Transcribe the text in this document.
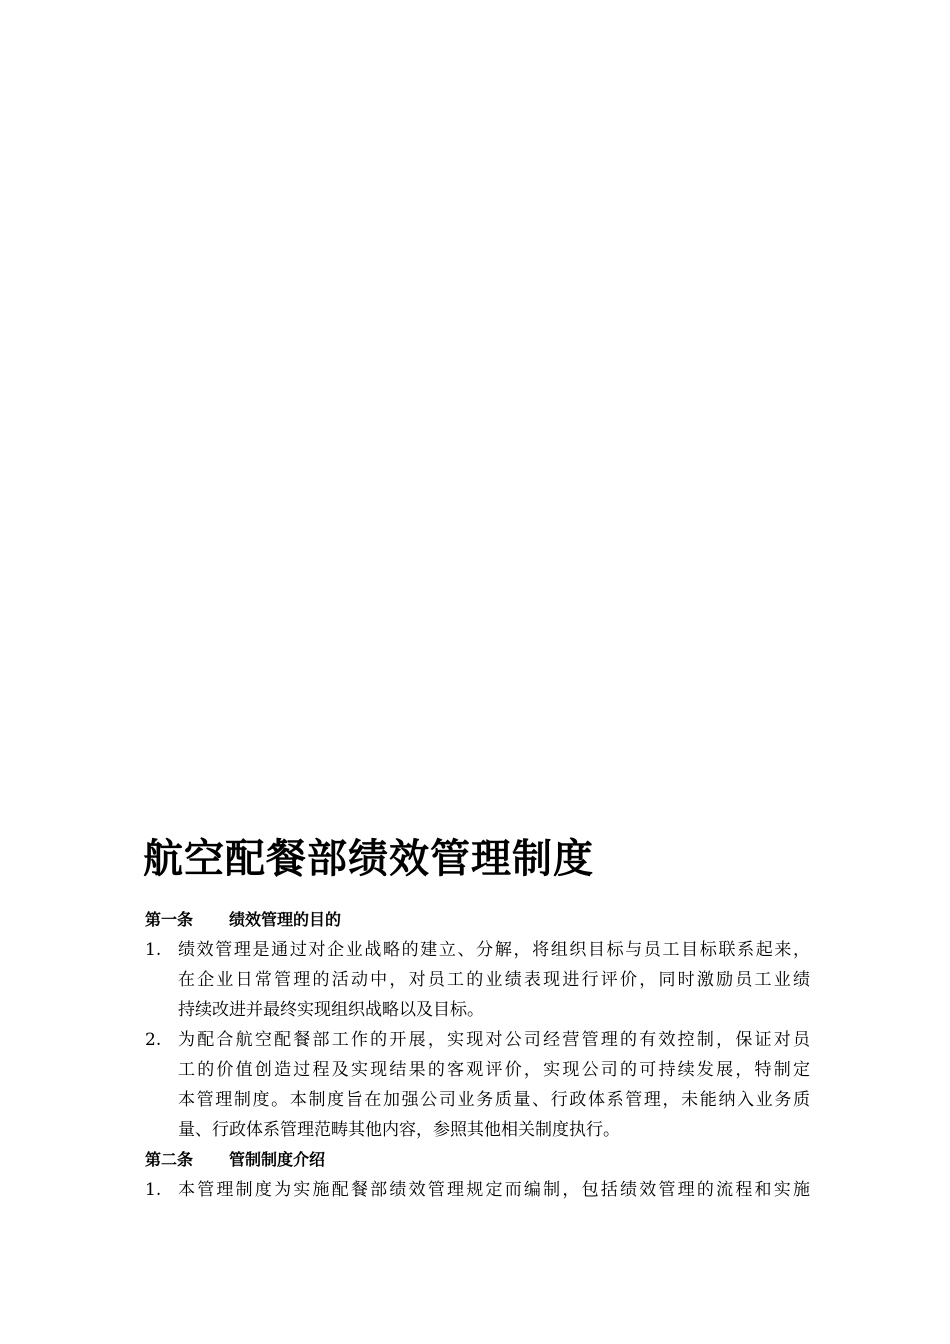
航空配餐部绩效管理制度
第一条 绩效管理的目的
1. 绩效管理是通过对企业战略的建立、分解，将组织目标与员工目标联系起来，
在企业日常管理的活动中，对员工的业绩表现进行评价，同时激励员工业绩
持续改进并最终实现组织战略以及目标。
2. 为配合航空配餐部工作的开展，实现对公司经营管理的有效控制，保证对员
工的价值创造过程及实现结果的客观评价，实现公司的可持续发展，特制定
本管理制度。本制度旨在加强公司业务质量、行政体系管理，未能纳入业务质
量、行政体系管理范畴其他内容，参照其他相关制度执行。
第二条 管制制度介绍
1. 本管理制度为实施配餐部绩效管理规定而编制，包括绩效管理的流程和实施
